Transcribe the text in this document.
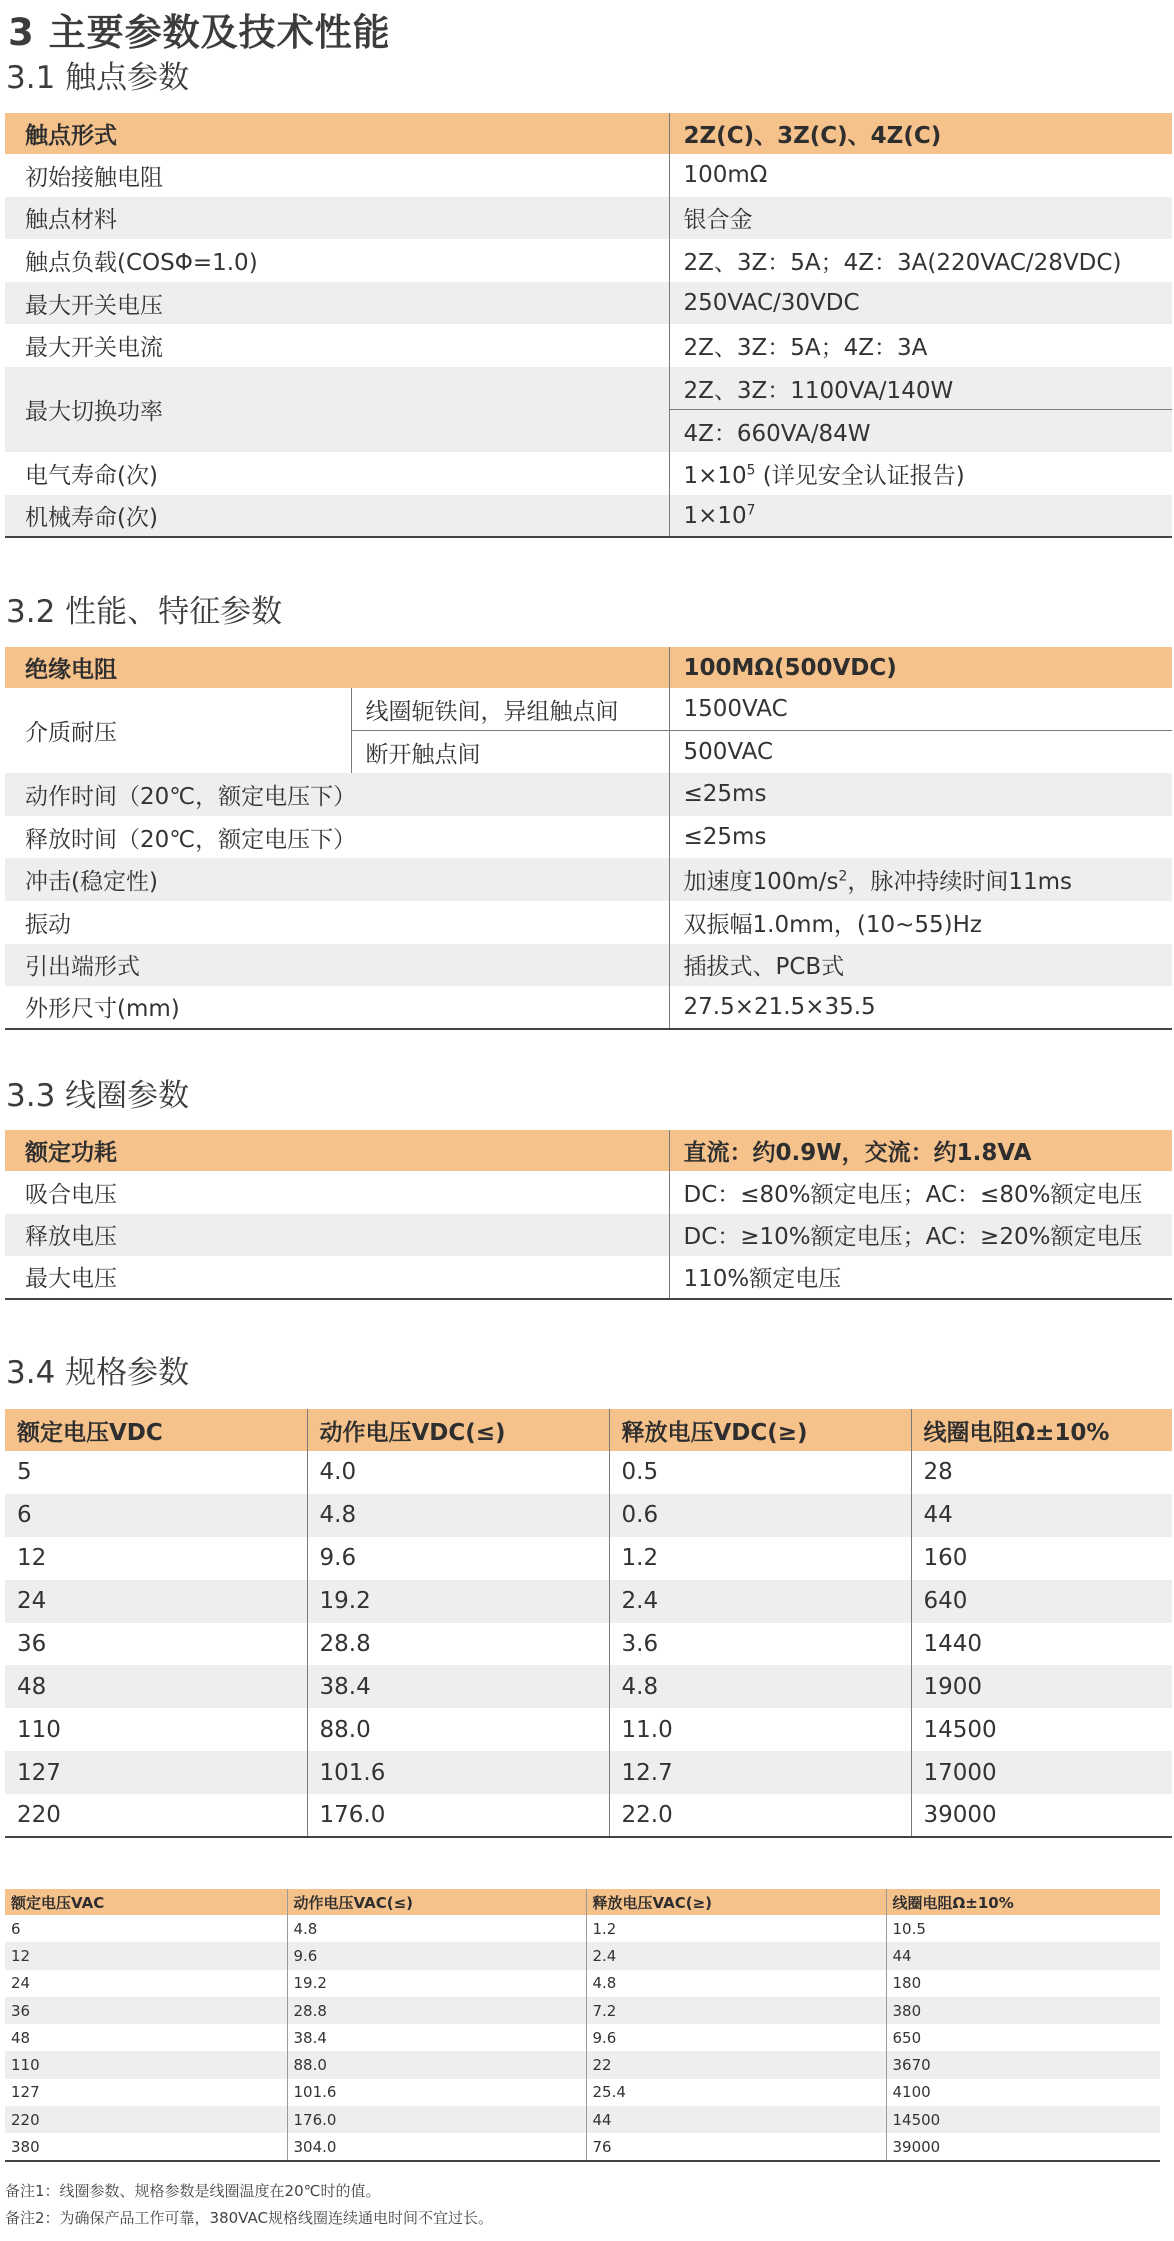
3 主要参数及技术性能
3.1 触点参数
触点形式	2Z(C)、3Z(C)、4Z(C)
初始接触电阻	100mΩ
触点材料	银合金
触点负载(COSΦ=1.0)	2Z、3Z：5A；4Z：3A(220VAC/28VDC)
最大开关电压	250VAC/30VDC
最大开关电流	2Z、3Z：5A；4Z：3A
最大切换功率	2Z、3Z：1100VA/140W
	4Z：660VA/84W
电气寿命(次)	$1\times 10^5$ (详见安全认证报告)
机械寿命(次)	$1\times 10^7$
3.2 性能、特征参数
绝缘电阻		100MΩ(500VDC)
介质耐压	线圈轭铁间，异组触点间	1500VAC
	断开触点间	500VAC
动作时间（20℃，额定电压下）		≤25ms
释放时间（20℃，额定电压下）		≤25ms
冲击(稳定性)		加速度$100m/s^2$，脉冲持续时间11ms
振动		双振幅1.0mm，(10~55)Hz
引出端形式		插拔式、PCB式
外形尺寸(mm)		27.5×21.5×35.5
3.3 线圈参数
额定功耗	直流：约0.9W，交流：约1.8VA
吸合电压	DC：≤80%额定电压；AC：≤80%额定电压
释放电压	DC：≥10%额定电压；AC：≥20%额定电压
最大电压	110%额定电压
3.4 规格参数
额定电压VDC	动作电压VDC(≤)	释放电压VDC(≥)	线圈电阻Ω±10%
5	4.0	0.5	28
6	4.8	0.6	44
12	9.6	1.2	160
24	19.2	2.4	640
36	28.8	3.6	1440
48	38.4	4.8	1900
110	88.0	11.0	14500
127	101.6	12.7	17000
220	176.0	22.0	39000
额定电压VAC	动作电压VAC(≤)	释放电压VAC(≥)	线圈电阻Ω±10%
6	4.8	1.2	10.5
12	9.6	2.4	44
24	19.2	4.8	180
36	28.8	7.2	380
48	38.4	9.6	650
110	88.0	22	3670
127	101.6	25.4	4100
220	176.0	44	14500
380	304.0	76	39000
备注1：线圈参数、规格参数是线圈温度在20℃时的值。
备注2：为确保产品工作可靠，380VAC规格线圈连续通电时间不宜过长。
